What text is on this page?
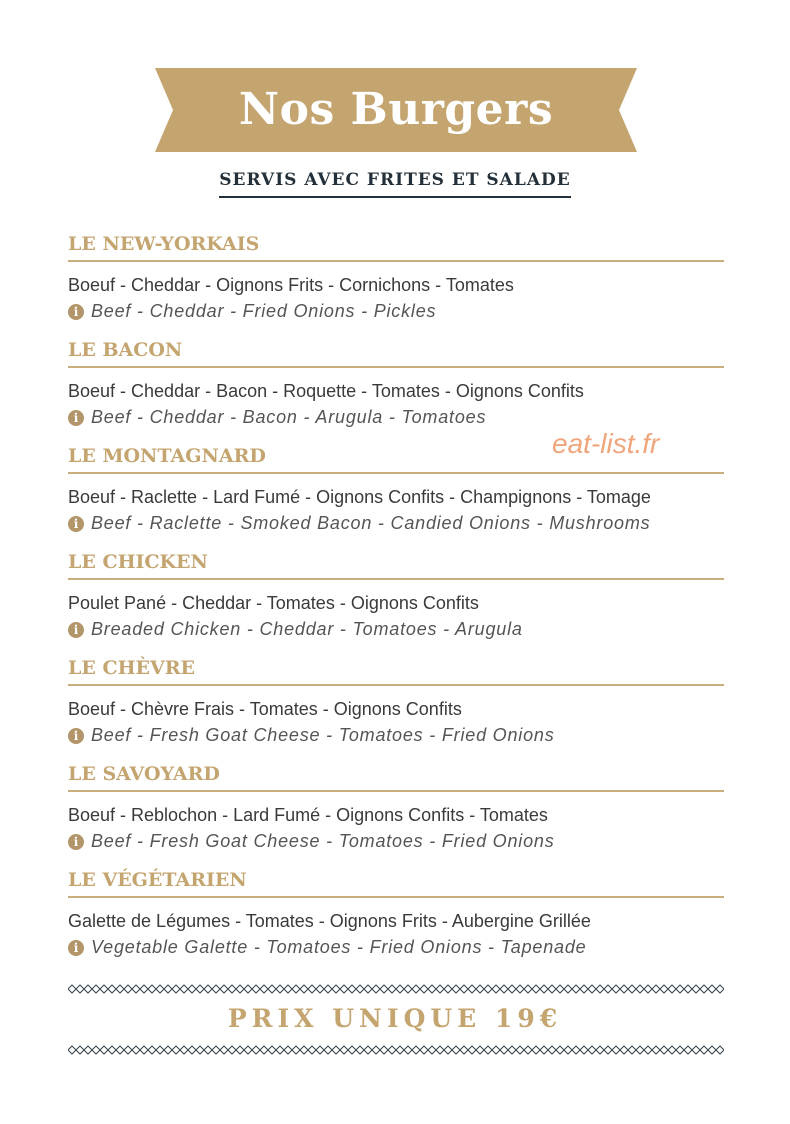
Nos Burgers
SERVIS AVEC FRITES ET SALADE
LE NEW-YORKAIS
Boeuf - Cheddar - Oignons Frits - Cornichons - Tomates
i Beef - Cheddar - Fried Onions - Pickles
LE BACON
Boeuf - Cheddar - Bacon - Roquette - Tomates - Oignons Confits
i Beef - Cheddar - Bacon - Arugula - Tomatoes
LE MONTAGNARD
Boeuf - Raclette - Lard Fumé - Oignons Confits - Champignons - Tomage
i Beef - Raclette - Smoked Bacon - Candied Onions - Mushrooms
LE CHICKEN
Poulet Pané - Cheddar - Tomates - Oignons Confits
i Breaded Chicken - Cheddar - Tomatoes - Arugula
LE CHÈVRE
Boeuf - Chèvre Frais - Tomates - Oignons Confits
i Beef - Fresh Goat Cheese - Tomatoes - Fried Onions
LE SAVOYARD
Boeuf - Reblochon - Lard Fumé - Oignons Confits - Tomates
i Beef - Fresh Goat Cheese - Tomatoes - Fried Onions
LE VÉGÉTARIEN
Galette de Légumes - Tomates - Oignons Frits - Aubergine Grillée
i Vegetable Galette - Tomatoes - Fried Onions - Tapenade
eat-list.fr
PRIX UNIQUE 19€
